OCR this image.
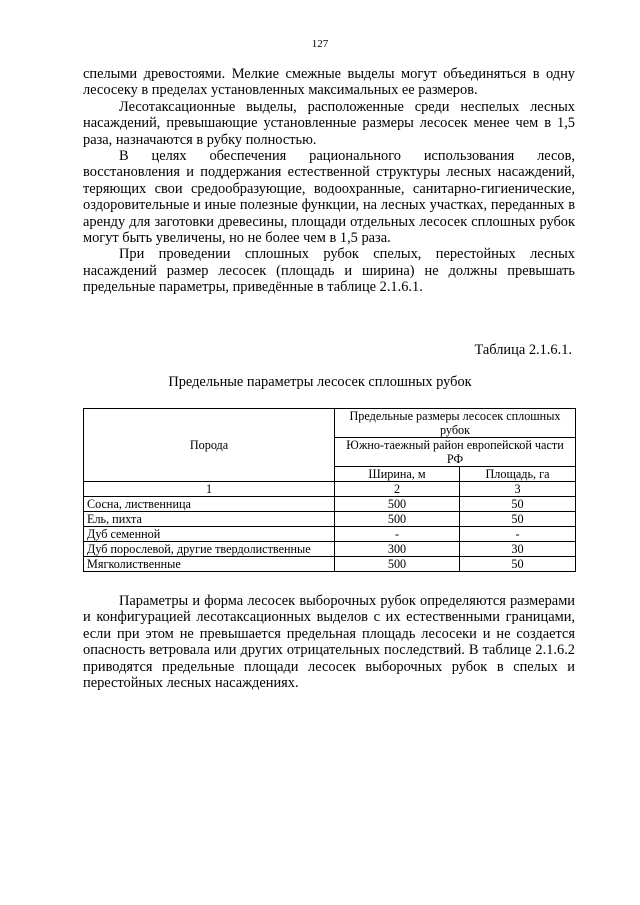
127

спелыми древостоями. Мелкие смежные выделы могут объединяться в одну лесосеку в пределах установленных максимальных ее размеров.

Лесотаксационные выделы, расположенные среди неспелых лесных насаждений, превышающие установленные размеры лесосек менее чем в 1,5 раза, назначаются в рубку полностью.

В целях обеспечения рационального использования лесов, восстановления и поддержания естественной структуры лесных насаждений, теряющих свои средообразующие, водоохранные, санитарно-гигиенические, оздоровительные и иные полезные функции, на лесных участках, переданных в аренду для заготовки древесины, площади отдельных лесосек сплошных рубок могут быть увеличены, но не более чем в 1,5 раза.

При проведении сплошных рубок спелых, перестойных лесных насаждений размер лесосек (площадь и ширина) не должны превышать предельные параметры, приведённые в таблице 2.1.6.1.

Таблица 2.1.6.1.
Предельные параметры лесосек сплошных рубок
Порода	Предельные размеры лесосек сплошных рубок	
	Южно-таежный район европейской части РФ	
	Ширина, м	Площадь, га
1	2	3
Сосна, лиственница	500	50
Ель, пихта	500	50
Дуб семенной	-	-
Дуб порослевой, другие твердолиственные	300	30
Мягколиственные	500	50

Параметры и форма лесосек выборочных рубок определяются размерами и конфигурацией лесотаксационных выделов с их естественными границами, если при этом не превышается предельная площадь лесосеки и не создается опасность ветровала или других отрицательных последствий. В таблице 2.1.6.2 приводятся предельные площади лесосек выборочных рубок в спелых и перестойных лесных насаждениях.
